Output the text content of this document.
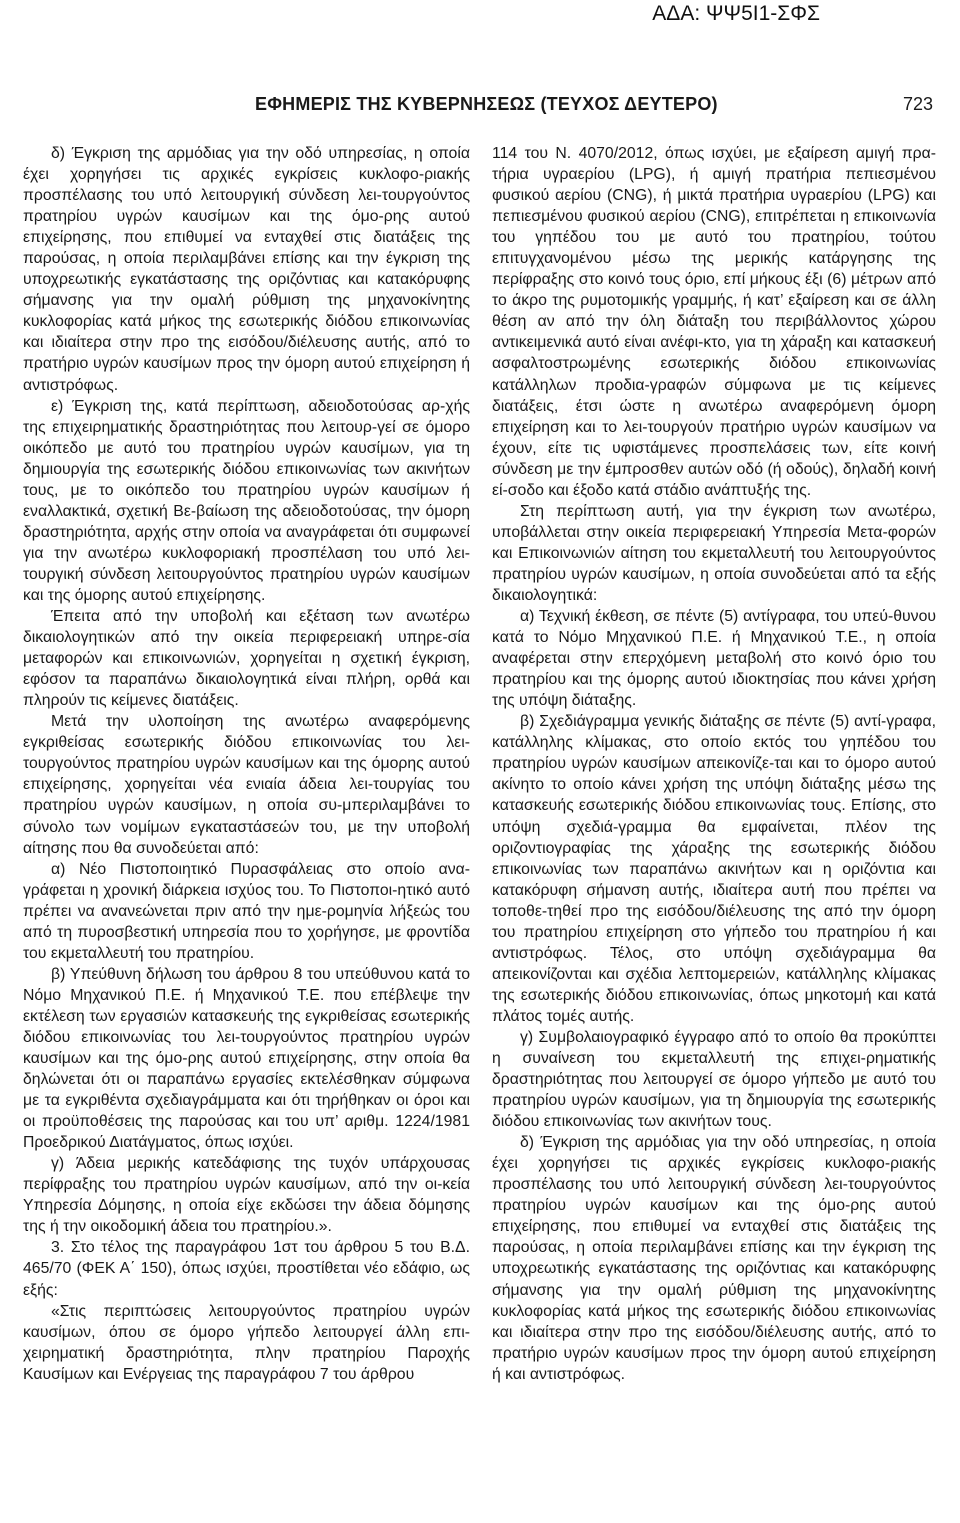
ΑΔΑ: ΨΨ5Ι1-ΣΦΣ
ΕΦΗΜΕΡΙΣ ΤΗΣ ΚΥΒΕΡΝΗΣΕΩΣ (ΤΕΥΧΟΣ ΔΕΥΤΕΡΟ)	723

δ) Έγκριση της αρμόδιας για την οδό υπηρεσίας, η οποία έχει χορηγήσει τις αρχικές εγκρίσεις κυκλοφο-ριακής προσπέλασης του υπό λειτουργική σύνδεση λει-τουργούντος πρατηρίου υγρών καυσίμων και της όμο-ρης αυτού επιχείρησης, που επιθυμεί να ενταχθεί στις διατάξεις της παρούσας, η οποία περιλαμβάνει επίσης και την έγκριση της υποχρεωτικής εγκατάστασης της οριζόντιας και κατακόρυφης σήμανσης για την ομαλή ρύθμιση της μηχανοκίνητης κυκλοφορίας κατά μήκος της εσωτερικής διόδου επικοινωνίας και ιδιαίτερα στην προ της εισόδου/διέλευσης αυτής, από το πρατήριο υγρών καυσίμων προς την όμορη αυτού επιχείρηση ή αντιστρόφως.

ε) Έγκριση της, κατά περίπτωση, αδειοδοτούσας αρ-χής της επιχειρηματικής δραστηριότητας που λειτουρ-γεί σε όμορο οικόπεδο με αυτό του πρατηρίου υγρών καυσίμων, για τη δημιουργία της εσωτερικής διόδου επικοινωνίας των ακινήτων τους, με το οικόπεδο του πρατηρίου υγρών καυσίμων ή εναλλακτικά, σχετική Βε-βαίωση της αδειοδοτούσας, την όμορη δραστηριότητα, αρχής στην οποία να αναγράφεται ότι συμφωνεί για την ανωτέρω κυκλοφοριακή προσπέλαση του υπό λει-τουργική σύνδεση λειτουργούντος πρατηρίου υγρών καυσίμων και της όμορης αυτού επιχείρησης.

Έπειτα από την υποβολή και εξέταση των ανωτέρω δικαιολογητικών από την οικεία περιφερειακή υπηρε-σία μεταφορών και επικοινωνιών, χορηγείται η σχετική έγκριση, εφόσον τα παραπάνω δικαιολογητικά είναι πλήρη, ορθά και πληρούν τις κείμενες διατάξεις.

Μετά την υλοποίηση της ανωτέρω αναφερόμενης εγκριθείσας εσωτερικής διόδου επικοινωνίας του λει-τουργούντος πρατηρίου υγρών καυσίμων και της όμορης αυτού επιχείρησης, χορηγείται νέα ενιαία άδεια λει-τουργίας του πρατηρίου υγρών καυσίμων, η οποία συ-μπεριλαμβάνει το σύνολο των νομίμων εγκαταστάσεών του, με την υποβολή αίτησης που θα συνοδεύεται από:

α) Νέο Πιστοποιητικό Πυρασφάλειας στο οποίο ανα-γράφεται η χρονική διάρκεια ισχύος του. Το Πιστοποι-ητικό αυτό πρέπει να ανανεώνεται πριν από την ημε-ρομηνία λήξεώς του από τη πυροσβεστική υπηρεσία που το χορήγησε, με φροντίδα του εκμεταλλευτή του πρατηρίου.

β) Υπεύθυνη δήλωση του άρθρου 8 του υπεύθυνου κατά το Νόμο Μηχανικού Π.Ε. ή Μηχανικού Τ.Ε. που επέβλεψε την εκτέλεση των εργασιών κατασκευής της εγκριθείσας εσωτερικής διόδου επικοινωνίας του λει-τουργούντος πρατηρίου υγρών καυσίμων και της όμο-ρης αυτού επιχείρησης, στην οποία θα δηλώνεται ότι οι παραπάνω εργασίες εκτελέσθηκαν σύμφωνα με τα εγκριθέντα σχεδιαγράμματα και ότι τηρήθηκαν οι όροι και οι προϋποθέσεις της παρούσας και του υπ’ αριθμ. 1224/1981 Προεδρικού Διατάγματος, όπως ισχύει.

γ) Άδεια μερικής κατεδάφισης της τυχόν υπάρχουσας περίφραξης του πρατηρίου υγρών καυσίμων, από την οι-κεία Υπηρεσία Δόμησης, η οποία είχε εκδώσει την άδεια δόμησης της ή την οικοδομική άδεια του πρατηρίου.».

3. Στο τέλος της παραγράφου 1στ του άρθρου 5 του Β.Δ. 465/70 (ΦΕΚ Α΄ 150), όπως ισχύει, προστίθεται νέο εδάφιο, ως εξής:

«Στις περιπτώσεις λειτουργούντος πρατηρίου υγρών καυσίμων, όπου σε όμορο γήπεδο λειτουργεί άλλη επι-χειρηματική δραστηριότητα, πλην πρατηρίου Παροχής Καυσίμων και Ενέργειας της παραγράφου 7 του άρθρου

114 του Ν. 4070/2012, όπως ισχύει, με εξαίρεση αμιγή πρα-τήρια υγραερίου (LPG), ή αμιγή πρατήρια πεπιεσμένου φυσικού αερίου (CNG), ή μικτά πρατήρια υγραερίου (LPG) και πεπιεσμένου φυσικού αερίου (CNG), επιτρέπεται η επικοινωνία του γηπέδου του με αυτό του πρατηρίου, τούτου επιτυγχανομένου μέσω της μερικής κατάργησης της περίφραξης στο κοινό τους όριο, επί μήκους έξι (6) μέτρων από το άκρο της ρυμοτομικής γραμμής, ή κατ’ εξαίρεση και σε άλλη θέση αν από την όλη διάταξη του περιβάλλοντος χώρου αντικειμενικά αυτό είναι ανέφι-κτο, για τη χάραξη και κατασκευή ασφαλτοστρωμένης εσωτερικής διόδου επικοινωνίας κατάλληλων προδια-γραφών σύμφωνα με τις κείμενες διατάξεις, έτσι ώστε η ανωτέρω αναφερόμενη όμορη επιχείρηση και το λει-τουργούν πρατήριο υγρών καυσίμων να έχουν, είτε τις υφιστάμενες προσπελάσεις των, είτε κοινή σύνδεση με την έμπροσθεν αυτών οδό (ή οδούς), δηλαδή κοινή εί-σοδο και έξοδο κατά στάδιο ανάπτυξής της.

Στη περίπτωση αυτή, για την έγκριση των ανωτέρω, υποβάλλεται στην οικεία περιφερειακή Υπηρεσία Μετα-φορών και Επικοινωνιών αίτηση του εκμεταλλευτή του λειτουργούντος πρατηρίου υγρών καυσίμων, η οποία συνοδεύεται από τα εξής δικαιολογητικά:

α) Τεχνική έκθεση, σε πέντε (5) αντίγραφα, του υπεύ-θυνου κατά το Νόμο Μηχανικού Π.Ε. ή Μηχανικού Τ.Ε., η οποία αναφέρεται στην επερχόμενη μεταβολή στο κοινό όριο του πρατηρίου και της όμορης αυτού ιδιοκτησίας που κάνει χρήση της υπόψη διάταξης.

β) Σχεδιάγραμμα γενικής διάταξης σε πέντε (5) αντί-γραφα, κατάλληλης κλίμακας, στο οποίο εκτός του γηπέδου του πρατηρίου υγρών καυσίμων απεικονίζε-ται και το όμορο αυτού ακίνητο το οποίο κάνει χρήση της υπόψη διάταξης μέσω της κατασκευής εσωτερικής διόδου επικοινωνίας τους. Επίσης, στο υπόψη σχεδιά-γραμμα θα εμφαίνεται, πλέον της οριζοντιογραφίας της χάραξης της εσωτερικής διόδου επικοινωνίας των παραπάνω ακινήτων και η οριζόντια και κατακόρυφη σήμανση αυτής, ιδιαίτερα αυτή που πρέπει να τοποθε-τηθεί προ της εισόδου/διέλευσης της από την όμορη του πρατηρίου επιχείρηση στο γήπεδο του πρατηρίου ή και αντιστρόφως. Τέλος, στο υπόψη σχεδιάγραμμα θα απεικονίζονται και σχέδια λεπτομερειών, κατάλληλης κλίμακας της εσωτερικής διόδου επικοινωνίας, όπως μηκοτομή και κατά πλάτος τομές αυτής.

γ) Συμβολαιογραφικό έγγραφο από το οποίο θα προκύπτει η συναίνεση του εκμεταλλευτή της επιχει-ρηματικής δραστηριότητας που λειτουργεί σε όμορο γήπεδο με αυτό του πρατηρίου υγρών καυσίμων, για τη δημιουργία της εσωτερικής διόδου επικοινωνίας των ακινήτων τους.

δ) Έγκριση της αρμόδιας για την οδό υπηρεσίας, η οποία έχει χορηγήσει τις αρχικές εγκρίσεις κυκλοφο-ριακής προσπέλασης του υπό λειτουργική σύνδεση λει-τουργούντος πρατηρίου υγρών καυσίμων και της όμο-ρης αυτού επιχείρησης, που επιθυμεί να ενταχθεί στις διατάξεις της παρούσας, η οποία περιλαμβάνει επίσης και την έγκριση της υποχρεωτικής εγκατάστασης της οριζόντιας και κατακόρυφης σήμανσης για την ομαλή ρύθμιση της μηχανοκίνητης κυκλοφορίας κατά μήκος της εσωτερικής διόδου επικοινωνίας και ιδιαίτερα στην προ της εισόδου/διέλευσης αυτής, από το πρατήριο υγρών καυσίμων προς την όμορη αυτού επιχείρηση ή και αντιστρόφως.
